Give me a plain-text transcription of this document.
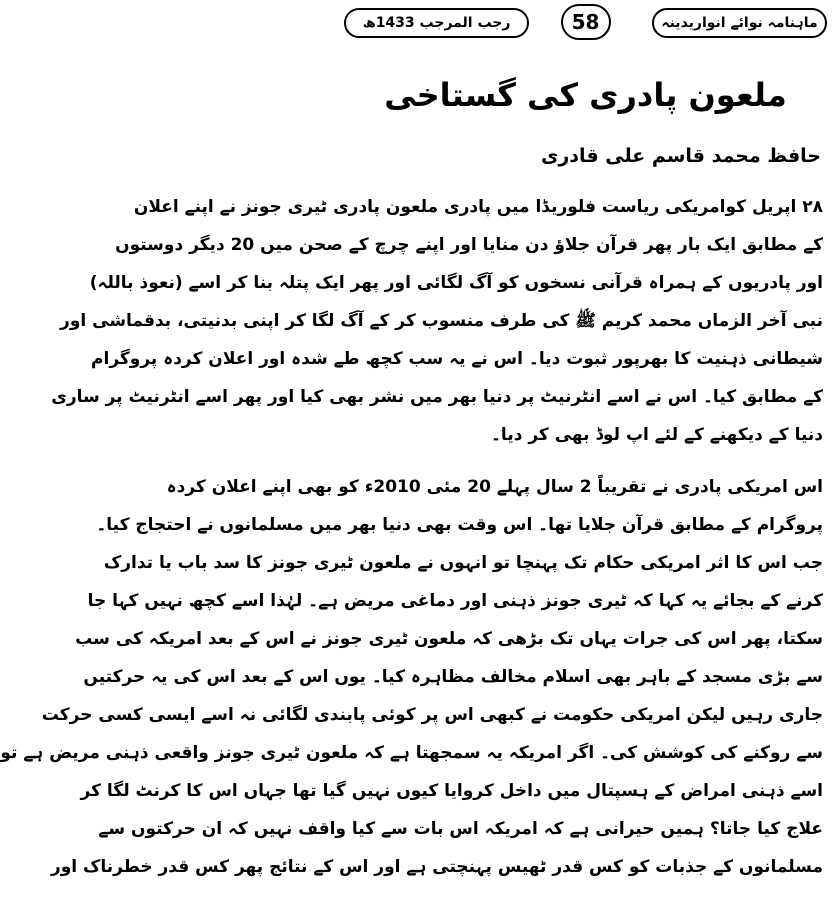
رجب المرجب 1433ھ	58	ماہنامہ نوائے انواریدینہ
ملعون پادری کی گستاخی
حافظ محمد قاسم علی قادری
۲۸ اپریل کوامریکی ریاست فلوریڈا میں پادری ملعون پادری ٹیری جونز نے اپنے اعلان
کے مطابق ایک بار پھر قرآن جلاؤ دن منایا اور اپنے چرچ کے صحن میں 20 دیگر دوستوں
اور پادریوں کے ہمراہ قرآنی نسخوں کو آگ لگائی اور پھر ایک پتلہ بنا کر اسے (نعوذ باللہ)
نبی آخر الزماں محمد کریم ﷺ کی طرف منسوب کر کے آگ لگا کر اپنی بدنیتی، بدقماشی اور
شیطانی ذہنیت کا بھرپور ثبوت دیا۔ اس نے یہ سب کچھ طے شدہ اور اعلان کردہ پروگرام
کے مطابق کیا۔ اس نے اسے انٹرنیٹ پر دنیا بھر میں نشر بھی کیا اور پھر اسے انٹرنیٹ پر ساری
دنیا کے دیکھنے کے لئے اپ لوڈ بھی کر دیا۔
اس امریکی پادری نے تقریباً 2 سال پہلے 20 مئی 2010ء کو بھی اپنے اعلان کردہ
پروگرام کے مطابق قرآن جلایا تھا۔ اس وقت بھی دنیا بھر میں مسلمانوں نے احتجاج کیا۔
جب اس کا اثر امریکی حکام تک پہنچا تو انہوں نے ملعون ٹیری جونز کا سد باب یا تدارک
کرنے کے بجائے یہ کہا کہ ٹیری جونز ذہنی اور دماغی مریض ہے۔ لہٰذا اسے کچھ نہیں کہا جا
سکتا، پھر اس کی جرات یہاں تک بڑھی کہ ملعون ٹیری جونز نے اس کے بعد امریکہ کی سب
سے بڑی مسجد کے باہر بھی اسلام مخالف مظاہرہ کیا۔ یوں اس کے بعد اس کی یہ حرکتیں
جاری رہیں لیکن امریکی حکومت نے کبھی اس پر کوئی پابندی لگائی نہ اسے ایسی کسی حرکت
سے روکنے کی کوشش کی۔ اگر امریکہ یہ سمجھتا ہے کہ ملعون ٹیری جونز واقعی ذہنی مریض ہے تو
اسے ذہنی امراض کے ہسپتال میں داخل کروایا کیوں نہیں گیا تھا جہاں اس کا کرنٹ لگا کر
علاج کیا جاتا؟ ہمیں حیرانی ہے کہ امریکہ اس بات سے کیا واقف نہیں کہ ان حرکتوں سے
مسلمانوں کے جذبات کو کس قدر ٹھیس پہنچتی ہے اور اس کے نتائج پھر کس قدر خطرناک اور
